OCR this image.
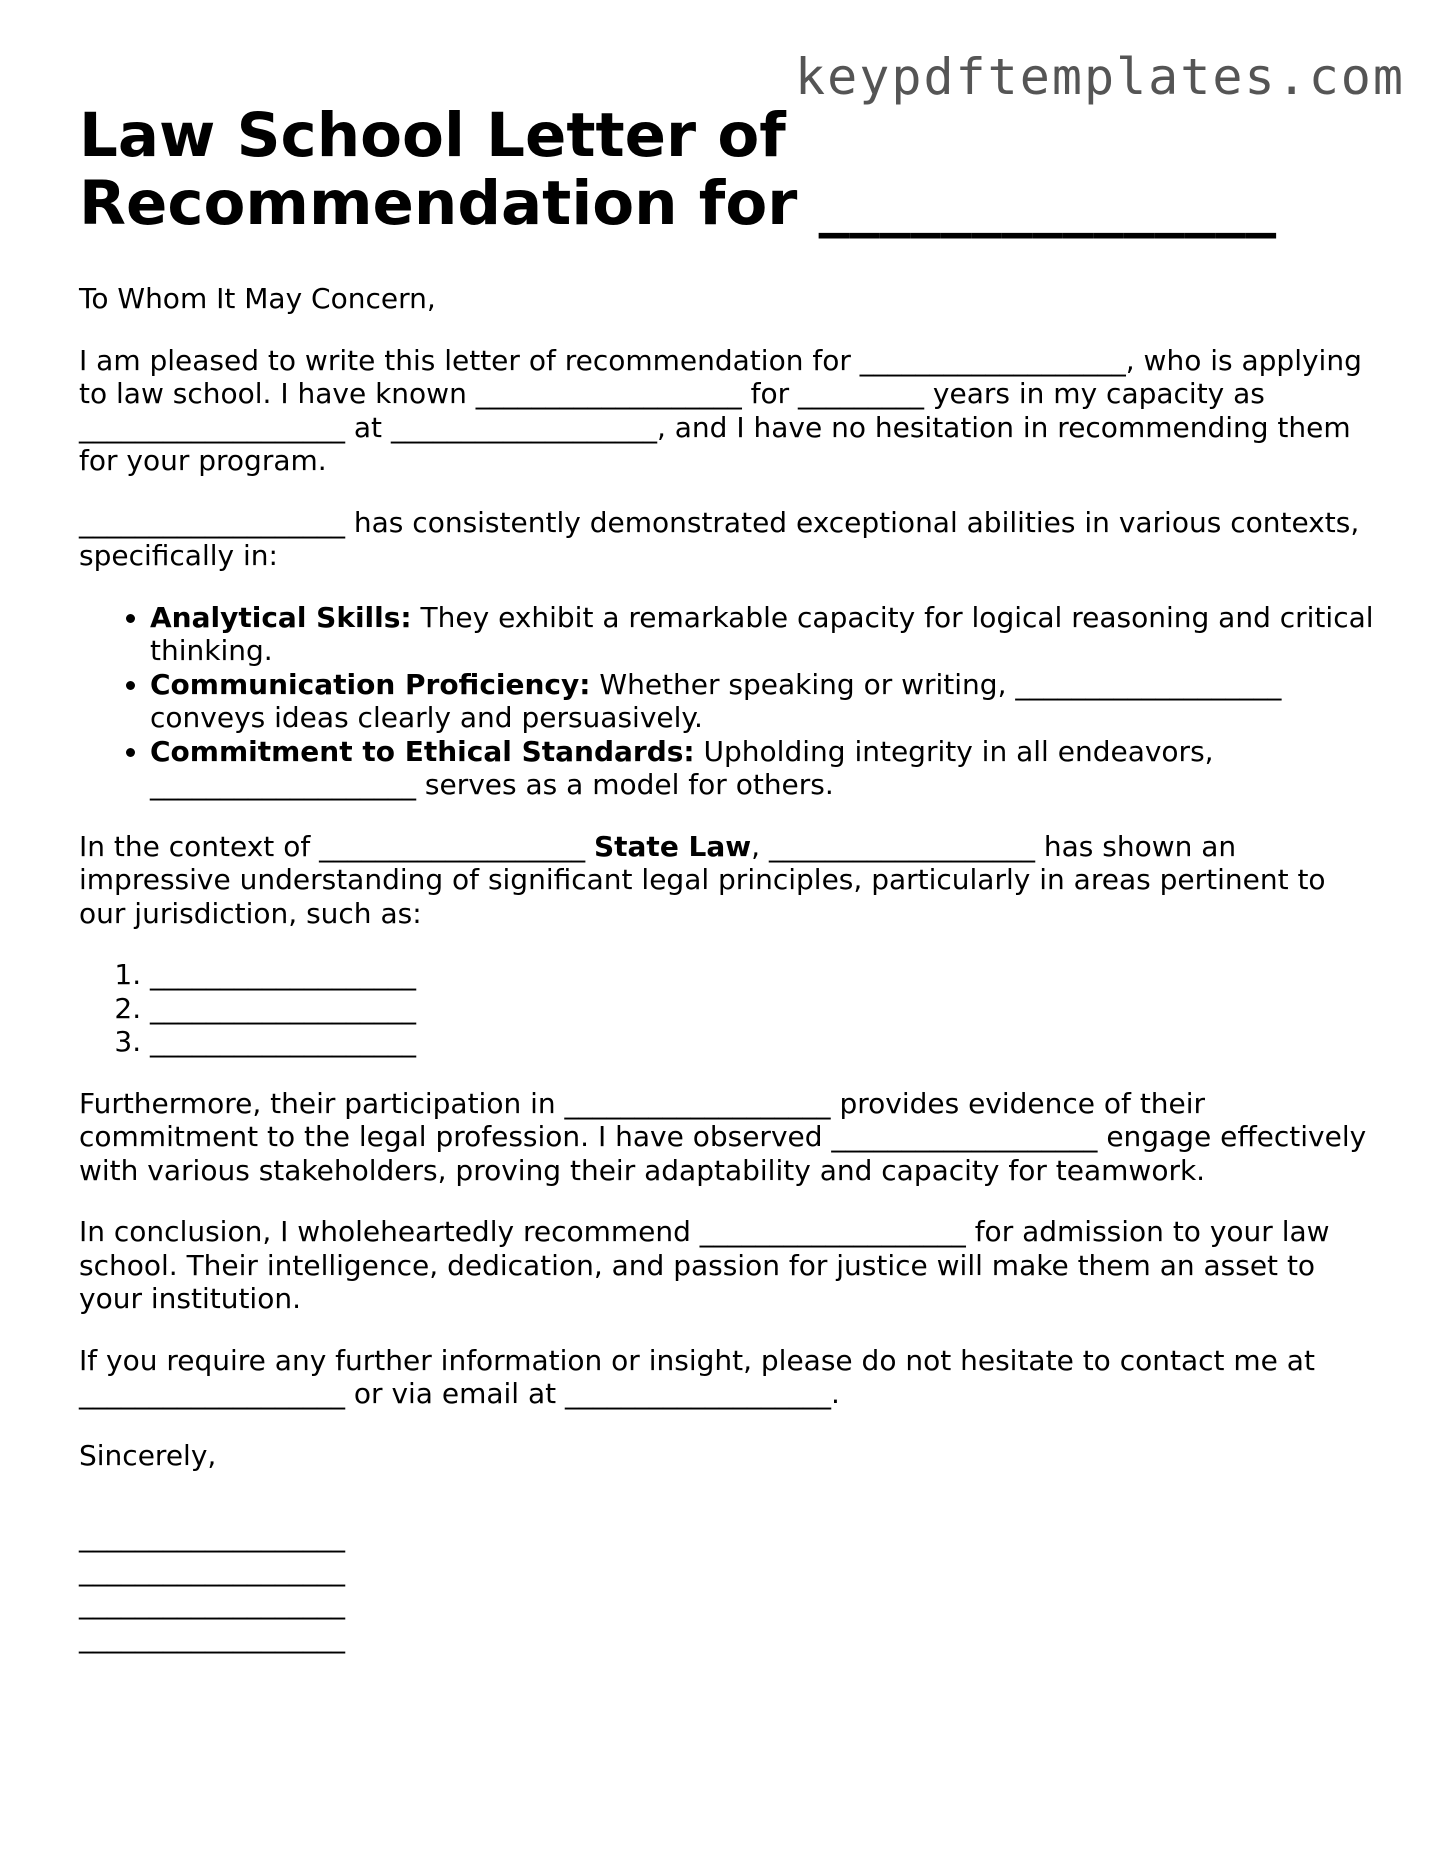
keypdftemplates.com
Law School Letter of Recommendation for _______________

To Whom It May Concern,

I am pleased to write this letter of recommendation for ___________________, who is applying to law school. I have known ___________________ for _________ years in my capacity as ___________________ at ___________________, and I have no hesitation in recommending them for your program.

___________________ has consistently demonstrated exceptional abilities in various contexts, specifically in:

• Analytical Skills: They exhibit a remarkable capacity for logical reasoning and critical thinking.
• Communication Proficiency: Whether speaking or writing, ___________________ conveys ideas clearly and persuasively.
• Commitment to Ethical Standards: Upholding integrity in all endeavors, ___________________ serves as a model for others.

In the context of ___________________ State Law, ___________________ has shown an impressive understanding of significant legal principles, particularly in areas pertinent to our jurisdiction, such as:

1. ___________________
2. ___________________
3. ___________________

Furthermore, their participation in ___________________ provides evidence of their commitment to the legal profession. I have observed ___________________ engage effectively with various stakeholders, proving their adaptability and capacity for teamwork.

In conclusion, I wholeheartedly recommend ___________________ for admission to your law school. Their intelligence, dedication, and passion for justice will make them an asset to your institution.

If you require any further information or insight, please do not hesitate to contact me at ___________________ or via email at ___________________.

Sincerely,

___________________

___________________

___________________

___________________
